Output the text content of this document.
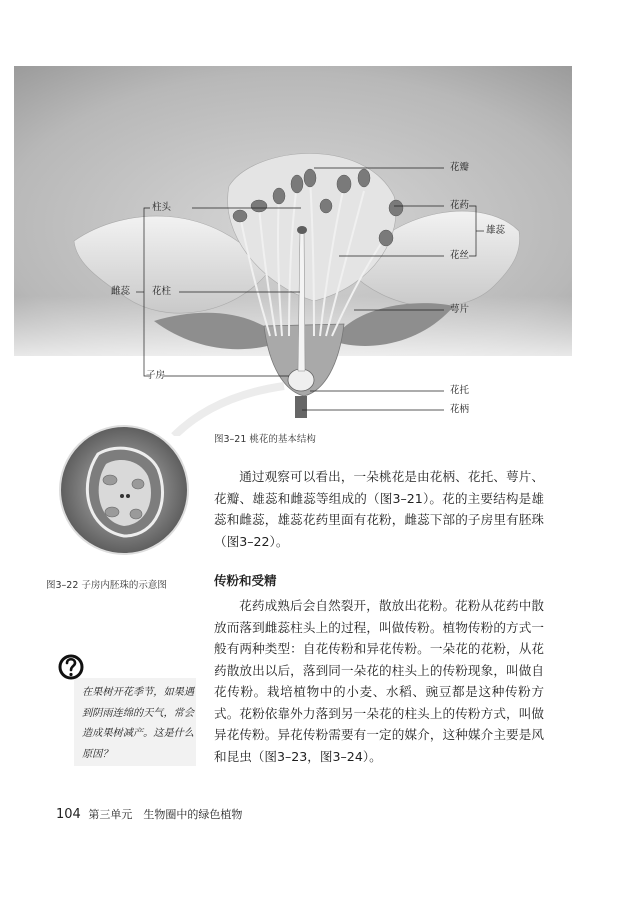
花瓣
花药
雄蕊
花丝
萼片
花托
花柄
柱头
雌蕊 花柱
子房
图3–21 桃花的基本结构
图3–22 子房内胚珠的示意图

通过观察可以看出，一朵桃花是由花柄、花托、萼片、花瓣、雄蕊和雌蕊等组成的（图3–21）。花的主要结构是雄蕊和雌蕊，雄蕊花药里面有花粉，雌蕊下部的子房里有胚珠（图3–22）。

传粉和受精

花药成熟后会自然裂开，散放出花粉。花粉从花药中散放而落到雌蕊柱头上的过程，叫做传粉。植物传粉的方式一般有两种类型：自花传粉和异花传粉。一朵花的花粉，从花药散放出以后，落到同一朵花的柱头上的传粉现象，叫做自花传粉。栽培植物中的小麦、水稻、豌豆都是这种传粉方式。花粉依靠外力落到另一朵花的柱头上的传粉方式，叫做异花传粉。异花传粉需要有一定的媒介，这种媒介主要是风和昆虫（图3–23，图3–24）。

在果树开花季节，如果遇到阴雨连绵的天气，常会造成果树减产。这是什么原因？
104 第三单元　生物圈中的绿色植物
